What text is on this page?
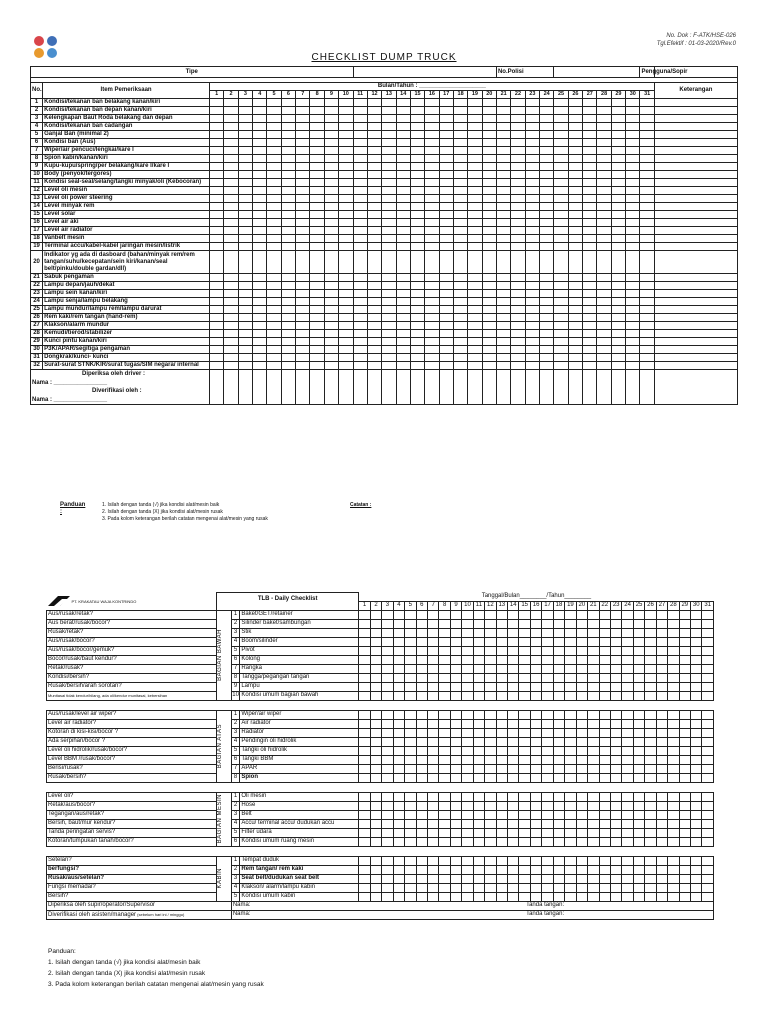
No. Dok : F-ATK/HSE-026
Tgl.Efektif : 01-03-2020/Rev.0
CHECKLIST DUMP TRUCK
Tipe																						No.Polisi										Pengguna/Sopir	

No.	Item Pemeriksaan	Bulan/Tahun : ____________________																															Keterangan
		1	2	3	4	5	6	7	8	9	10	11	12	13	14	15	16	17	18	19	20	21	22	23	24	25	26	27	28	29	30	31	
1	Kondisi/tekanan ban belakang kanan/kiri																																
2	Kondisi/tekanan ban depan kanan/kiri																																
3	Kelengkapan Baut Roda belakang dan depan																																
4	Kondisi/tekanan ban cadangan																																
5	Ganjal Ban (minimal 2)																																
6	Kondisi ban (Aus)																																
7	Wiper/air pencuci/lengkai/kare l																																
8	Spion kabin/kanan/kiri																																
9	Kupu-kupu/spring/per belakang/kare l/kare l																																
10	Body (penyok/tergores)																																
11	Kondisi seal-seal/selang/tangki minyak/oli (Kebocoran)																																
12	Level oli mesin																																
13	Level oli power steering																																
14	Level minyak rem																																
15	Level solar																																
16	Level air aki																																
17	Level air radiator																																
18	Vanbelt mesin																																
19	Terminal accu/kabel-kabel jaringan mesin/listrik																																
20	Indikator yg ada di dasboard (bahan/minyak rem/rem tangan/suhu/kecepatan/sein kiri/kanan/seal belt/pinku/double gardan/dll)																																
21	Sabuk pengaman																																
22	Lampu depan/jauh/dekat																																
23	Lampu sein kanan/kiri																																
24	Lampu senja/lampu belakang																																
25	Lampu mundur/lampu rem/lampu darurat																																
26	Rem kaki/rem tangan (hand-rem)																																
27	Klakson/alarm mundur																																
28	Kemudi/tierod/stabilizer																																
29	Kunci pintu kanan/kiri																																
30	P3K/APAR/segitiga pengaman																																
31	Dongkrak/kunci- kunci																																
32	Surat-surat STNK/KIR/surat tugas/SIM negara/ internal																																

Diperiksa oleh driver :
Nama : ________________
Diverifikasi oleh :
Nama : ________________																																	

Panduan :
1. Isilah dengan tanda (√) jika kondisi alat/mesin baik
2. Isilah dengan tanda (X) jika kondisi alat/mesin rusak
3. Pada kolom keterangan berilah catatan mengenai alat/mesin yang rusak
Catatan :
PT. KRAKATAU WAJA KONTRINDO	TLB - Daily Checklist			Tanggal/Bulan________/Tahun________																														
				1	2	3	4	5	6	7	8	9	10	11	12	13	14	15	16	17	18	19	20	21	22	23	24	25	26	27	28	29	30	31
Aus/rusak/retak?	BAGIAN BAWAH	1	Baket/GET/retainer																															
Aus berat/rusak/bocor?		2	Silinder baket/sambungan																															
Rusak/retak?		3	Stik																															
Aus/rusak/bocor?		4	Boom/silinder																															
Aus/rusak/bocor/gemuk?		5	Pivot																															
Bocor/rusak/baut kendur?		6	Kolong																															
Retak/rusak?		7	Rangka																															
Kondisi/bersih?		8	Tangga/pegangan tangan																															
Rusak/bersih/arah sorotan?		9	Lampu																															
Munitasai tidak kendur/hilang, ada oli/kendur munitasai, kebersihan		10	Kondisi umum bagian bawah																															

Aus/rusak/level air wiper?	BAGIAN ATAS	1	Wiper/air wiper																															
Level air radiator?		2	Air radiator																															
Kotoran di kisi-kisi/bocor ?		3	Radiator																															
Ada serpihan/bocor ?		4	Pendingin oli hidrolik																															
Level oli hidrolik/rusak/bocor?		5	Tangki oli hidrolik																															
Level BBM /rusak/bocor?		6	Tangki BBM																															
Berisi/rusak?		7	APAR																															
Rusak/bersih?		8	Spion																															

Level oli?	BAGIAN MESIN	1	Oli mesin																															
Retak/aus/bocor?		2	Hose																															
Tegangan/aus/retak?		3	Belt																															
Bersih, baut/mur kendur?		4	Accu/ terminal accu/ dudukan accu																															
Tanda peringatan servis?		5	Filter udara																															
Kotoran/tumpukan tanah/bocor?		6	Kondisi umum ruang mesin																															

Setelan?	KABIN	1	Tempat duduk																															
berfungsi?		2	Rem tangan/ rem kaki																															
Rusak/aus/setelan?		3	Seat belt/dudukan seat belt																															
Fungsi memadai?		4	Klakson/ alarm/lampu kabin																															
Bersih?		5	Kondisi umum kabin																															
Diperiksa oleh supir/operator/Supervisor		Nama:														Tanda tangan:																		
Diverifikasi oleh asisten/manager (sebelum hari ini / minggu)		Nama:														Tanda tangan:																		
Panduan:
1. Isilah dengan tanda (√) jika kondisi alat/mesin baik
2. Isilah dengan tanda (X) jika kondisi alat/mesin rusak
3. Pada kolom keterangan berilah catatan mengenai alat/mesin yang rusak
